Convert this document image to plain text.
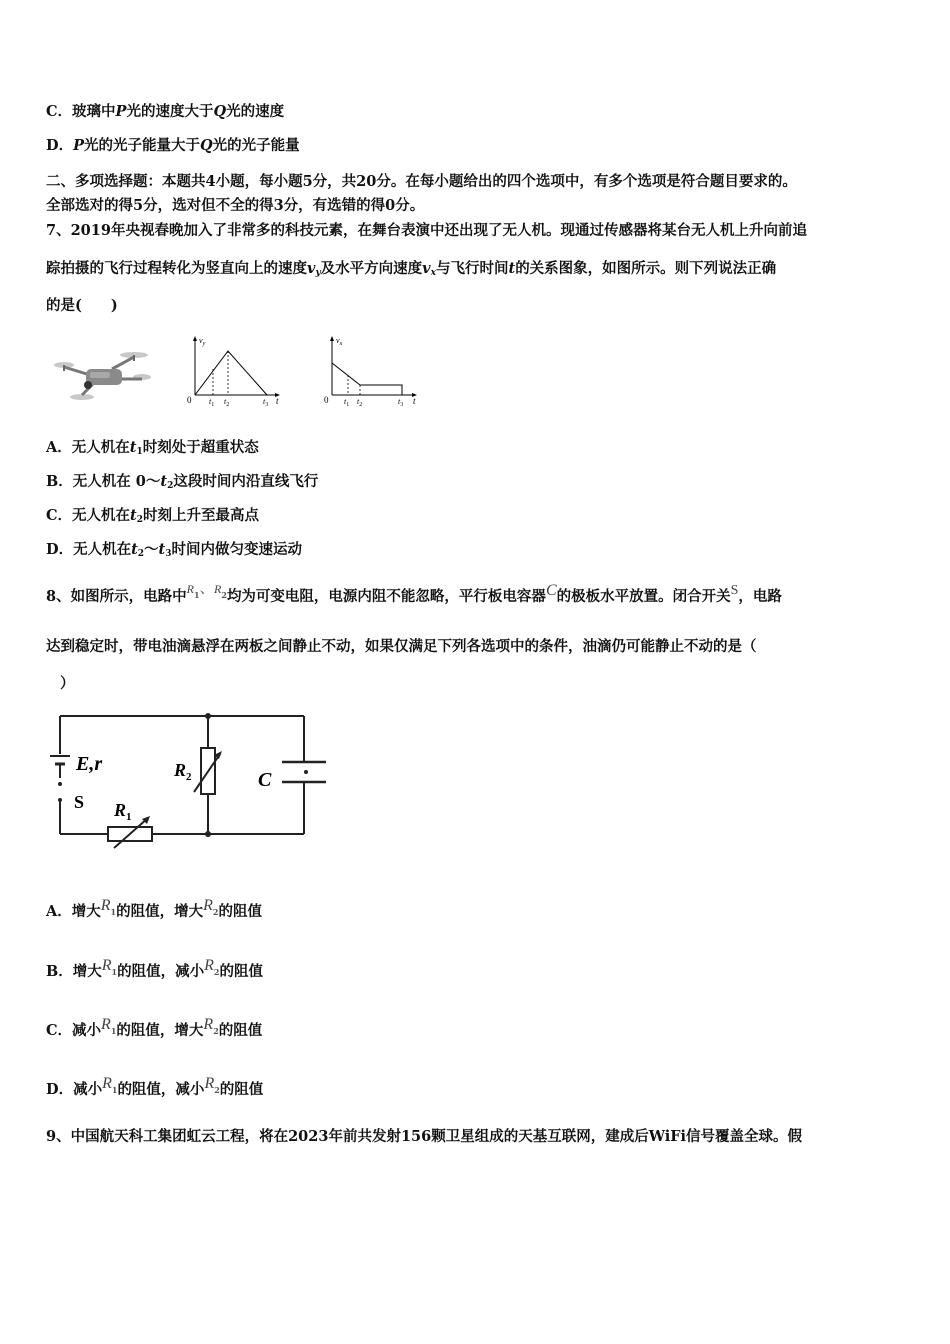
C．玻璃中P光的速度大于Q光的速度
D．P光的光子能量大于Q光的光子能量
二、多项选择题：本题共4小题，每小题5分，共20分。在每小题给出的四个选项中，有多个选项是符合题目要求的。
全部选对的得5分，选对但不全的得3分，有选错的得0分。
7、2019年央视春晚加入了非常多的科技元素，在舞台表演中还出现了无人机。现通过传感器将某台无人机上升向前追
踪拍摄的飞行过程转化为竖直向上的速度vy及水平方向速度vx与飞行时间t的关系图象，如图所示。则下列说法正确
的是(　　)
$v_y$
0 $t_1$ $t_2$	$t_3$ t
$v_x$
0 $t_1$ $t_2$	$t_3$ t
A．无人机在$t_1$时刻处于超重状态
B．无人机在 $0\sim t_2$这段时间内沿直线飞行
C．无人机在$t_2$时刻上升至最高点
D．无人机在$t_2\sim t_3$时间内做匀变速运动
8、如图所示，电路中$^{R1}$、$^{R2}$均为可变电阻，电源内阻不能忽略，平行板电容器C的极板水平放置。闭合开关S，电路
达到稳定时，带电油滴悬浮在两板之间静止不动，如果仅满足下列各选项中的条件，油滴仍可能静止不动的是（
）
E,r
S $R_1$
$R_2$	C
A．增大R1的阻值，增大R2的阻值
B．增大R1的阻值，减小R2的阻值
C．减小R1的阻值，增大R2的阻值
D．减小R1的阻值，减小R2的阻值
9、中国航天科工集团虹云工程，将在2023年前共发射156颗卫星组成的天基互联网，建成后WiFi信号覆盖全球。假
